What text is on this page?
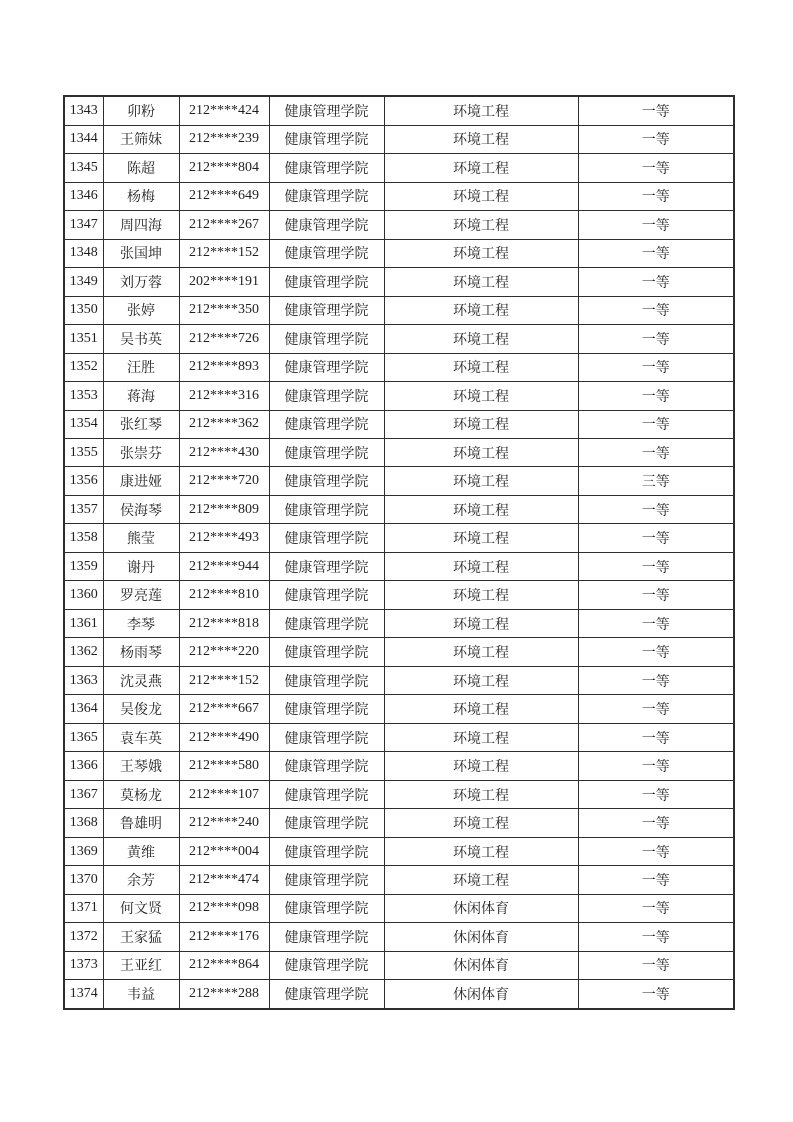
1343	卯粉	212****424	健康管理学院	环境工程	一等
1344	王筛妹	212****239	健康管理学院	环境工程	一等
1345	陈超	212****804	健康管理学院	环境工程	一等
1346	杨梅	212****649	健康管理学院	环境工程	一等
1347	周四海	212****267	健康管理学院	环境工程	一等
1348	张国坤	212****152	健康管理学院	环境工程	一等
1349	刘万蓉	202****191	健康管理学院	环境工程	一等
1350	张婷	212****350	健康管理学院	环境工程	一等
1351	吴书英	212****726	健康管理学院	环境工程	一等
1352	汪胜	212****893	健康管理学院	环境工程	一等
1353	蒋海	212****316	健康管理学院	环境工程	一等
1354	张红琴	212****362	健康管理学院	环境工程	一等
1355	张崇芬	212****430	健康管理学院	环境工程	一等
1356	康进娅	212****720	健康管理学院	环境工程	三等
1357	侯海琴	212****809	健康管理学院	环境工程	一等
1358	熊莹	212****493	健康管理学院	环境工程	一等
1359	谢丹	212****944	健康管理学院	环境工程	一等
1360	罗亮莲	212****810	健康管理学院	环境工程	一等
1361	李琴	212****818	健康管理学院	环境工程	一等
1362	杨雨琴	212****220	健康管理学院	环境工程	一等
1363	沈灵燕	212****152	健康管理学院	环境工程	一等
1364	吴俊龙	212****667	健康管理学院	环境工程	一等
1365	袁车英	212****490	健康管理学院	环境工程	一等
1366	王琴娥	212****580	健康管理学院	环境工程	一等
1367	莫杨龙	212****107	健康管理学院	环境工程	一等
1368	鲁雄明	212****240	健康管理学院	环境工程	一等
1369	黄维	212****004	健康管理学院	环境工程	一等
1370	余芳	212****474	健康管理学院	环境工程	一等
1371	何文贤	212****098	健康管理学院	休闲体育	一等
1372	王家猛	212****176	健康管理学院	休闲体育	一等
1373	王亚红	212****864	健康管理学院	休闲体育	一等
1374	韦益	212****288	健康管理学院	休闲体育	一等
